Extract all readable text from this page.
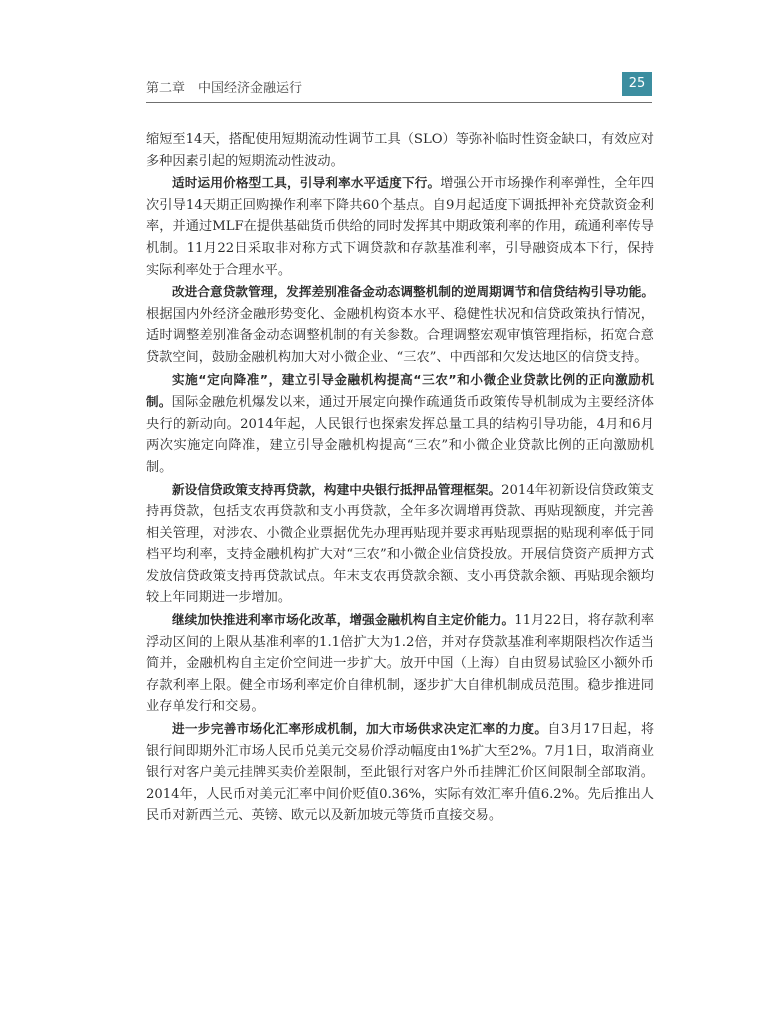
第二章　中国经济金融运行	25

缩短至14天，搭配使用短期流动性调节工具（SLO）等弥补临时性资金缺口，有效应对多种因素引起的短期流动性波动。

适时运用价格型工具，引导利率水平适度下行。增强公开市场操作利率弹性，全年四次引导14天期正回购操作利率下降共60个基点。自9月起适度下调抵押补充贷款资金利率，并通过MLF在提供基础货币供给的同时发挥其中期政策利率的作用，疏通利率传导机制。11月22日采取非对称方式下调贷款和存款基准利率，引导融资成本下行，保持实际利率处于合理水平。

改进合意贷款管理，发挥差别准备金动态调整机制的逆周期调节和信贷结构引导功能。根据国内外经济金融形势变化、金融机构资本水平、稳健性状况和信贷政策执行情况，适时调整差别准备金动态调整机制的有关参数。合理调整宏观审慎管理指标，拓宽合意贷款空间，鼓励金融机构加大对小微企业、“三农”、中西部和欠发达地区的信贷支持。

实施“定向降准”，建立引导金融机构提高“三农”和小微企业贷款比例的正向激励机制。国际金融危机爆发以来，通过开展定向操作疏通货币政策传导机制成为主要经济体央行的新动向。2014年起，人民银行也探索发挥总量工具的结构引导功能，4月和6月两次实施定向降准，建立引导金融机构提高“三农”和小微企业贷款比例的正向激励机制。

新设信贷政策支持再贷款，构建中央银行抵押品管理框架。2014年初新设信贷政策支持再贷款，包括支农再贷款和支小再贷款，全年多次调增再贷款、再贴现额度，并完善相关管理，对涉农、小微企业票据优先办理再贴现并要求再贴现票据的贴现利率低于同档平均利率，支持金融机构扩大对“三农”和小微企业信贷投放。开展信贷资产质押方式发放信贷政策支持再贷款试点。年末支农再贷款余额、支小再贷款余额、再贴现余额均较上年同期进一步增加。

继续加快推进利率市场化改革，增强金融机构自主定价能力。11月22日，将存款利率浮动区间的上限从基准利率的1.1倍扩大为1.2倍，并对存贷款基准利率期限档次作适当简并，金融机构自主定价空间进一步扩大。放开中国（上海）自由贸易试验区小额外币存款利率上限。健全市场利率定价自律机制，逐步扩大自律机制成员范围。稳步推进同业存单发行和交易。

进一步完善市场化汇率形成机制，加大市场供求决定汇率的力度。自3月17日起，将银行间即期外汇市场人民币兑美元交易价浮动幅度由1%扩大至2%。7月1日，取消商业银行对客户美元挂牌买卖价差限制，至此银行对客户外币挂牌汇价区间限制全部取消。2014年，人民币对美元汇率中间价贬值0.36%，实际有效汇率升值6.2%。先后推出人民币对新西兰元、英镑、欧元以及新加坡元等货币直接交易。
